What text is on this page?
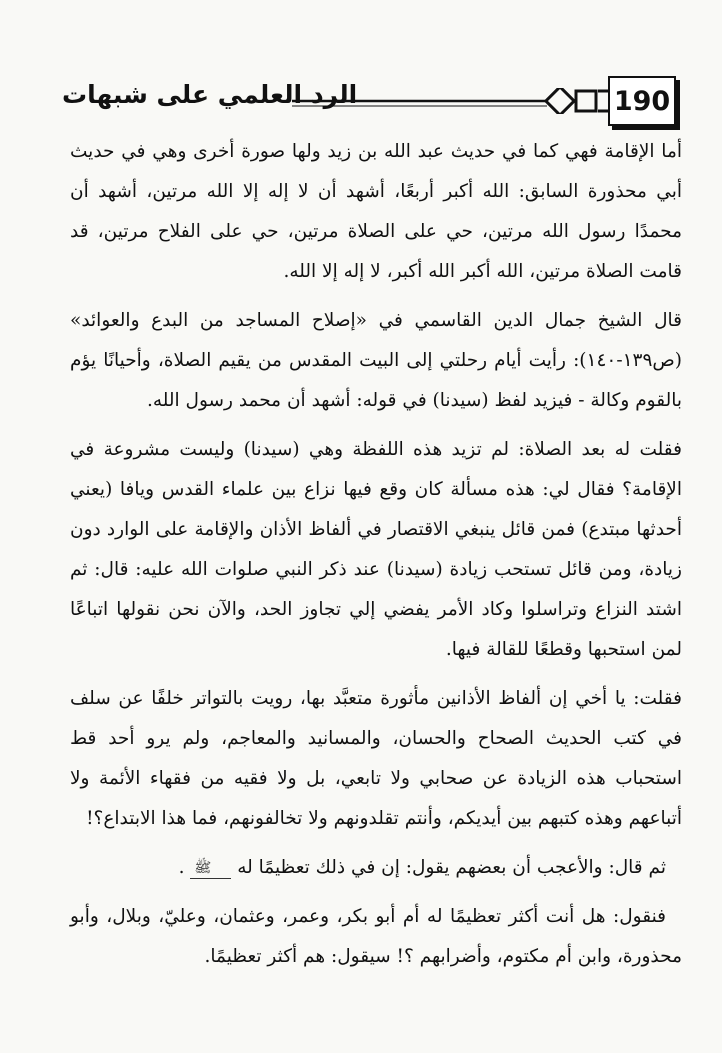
الرد العلمي على شبهات	190

أما الإقامة فهي كما في حديث عبد الله بن زيد ولها صورة أخرى وهي في حديث أبي محذورة السابق: الله أكبر أربعًا، أشهد أن لا إله إلا الله مرتين، أشهد أن محمدًا رسول الله مرتين، حي على الصلاة مرتين، حي على الفلاح مرتين، قد قامت الصلاة مرتين، الله أكبر الله أكبر، لا إله إلا الله.

قال الشيخ جمال الدين القاسمي في «إصلاح المساجد من البدع والعوائد» (ص١٣٩-١٤٠): رأيت أيام رحلتي إلى البيت المقدس من يقيم الصلاة، وأحيانًا يؤم بالقوم وكالة - فيزيد لفظ (سيدنا) في قوله: أشهد أن محمد رسول الله.

فقلت له بعد الصلاة: لم تزيد هذه اللفظة وهي (سيدنا) وليست مشروعة في الإقامة؟ فقال لي: هذه مسألة كان وقع فيها نزاع بين علماء القدس ويافا (يعني أحدثها مبتدع) فمن قائل ينبغي الاقتصار في ألفاظ الأذان والإقامة على الوارد دون زيادة، ومن قائل تستحب زيادة (سيدنا) عند ذكر النبي صلوات الله عليه: قال: ثم اشتد النزاع وتراسلوا وكاد الأمر يفضي إلي تجاوز الحد، والآن نحن نقولها اتباعًا لمن استحبها وقطعًا للقالة فيها.

فقلت: يا أخي إن ألفاظ الأذانين مأثورة متعبَّد بها، رويت بالتواتر خلفًا عن سلف في كتب الحديث الصحاح والحسان، والمسانيد والمعاجم، ولم يرو أحد قط استحباب هذه الزيادة عن صحابي ولا تابعي، بل ولا فقيه من فقهاء الأئمة ولا أتباعهم وهذه كتبهم بين أيديكم، وأنتم تقلدونهم ولا تخالفونهم، فما هذا الابتداع؟!

ثم قال: والأعجب أن بعضهم يقول: إن في ذلك تعظيمًا له ﷺ .

فنقول: هل أنت أكثر تعظيمًا له أم أبو بكر، وعمر، وعثمان، وعليّ، وبلال، وأبو محذورة، وابن أم مكتوم، وأضرابهم ؟! سيقول: هم أكثر تعظيمًا.
